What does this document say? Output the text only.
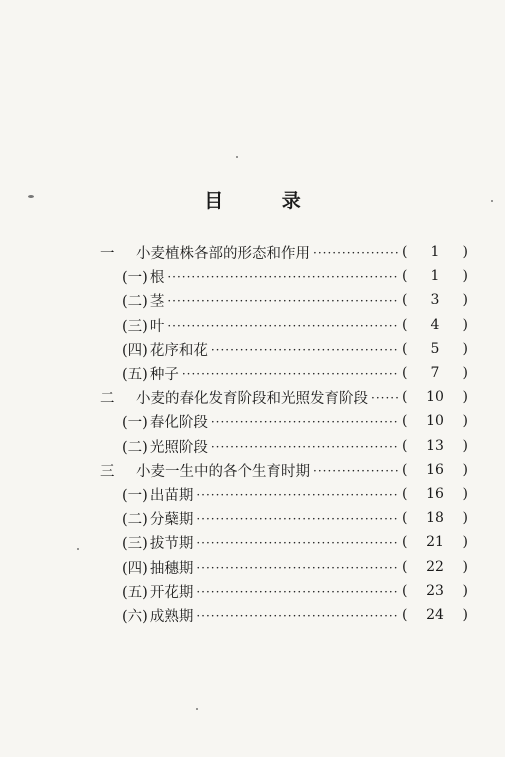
目 录
一	小麦植株各部的形态和作用 ·····	(	1	)
(一) 根 ·····	(	1	)
(二) 茎 ·····	(	3	)
(三) 叶 ·····	(	4	)
(四) 花序和花 ·····	(	5	)
(五) 种子 ·····	(	7	)
二	小麦的春化发育阶段和光照发育阶段 ····· (	10	)
(一) 春化阶段 ·····	(	10	)
(二) 光照阶段 ·····	(	13	)
三	小麦一生中的各个生育时期 ·····	(	16	)
(一) 出苗期 ·····	(	16	)
(二) 分蘖期 ·····	(	18	)
(三) 拔节期 ·····	(	21	)
(四) 抽穗期 ·····	(	22	)
(五) 开花期 ·····	(	23	)
(六) 成熟期 ·····	(	24	)
